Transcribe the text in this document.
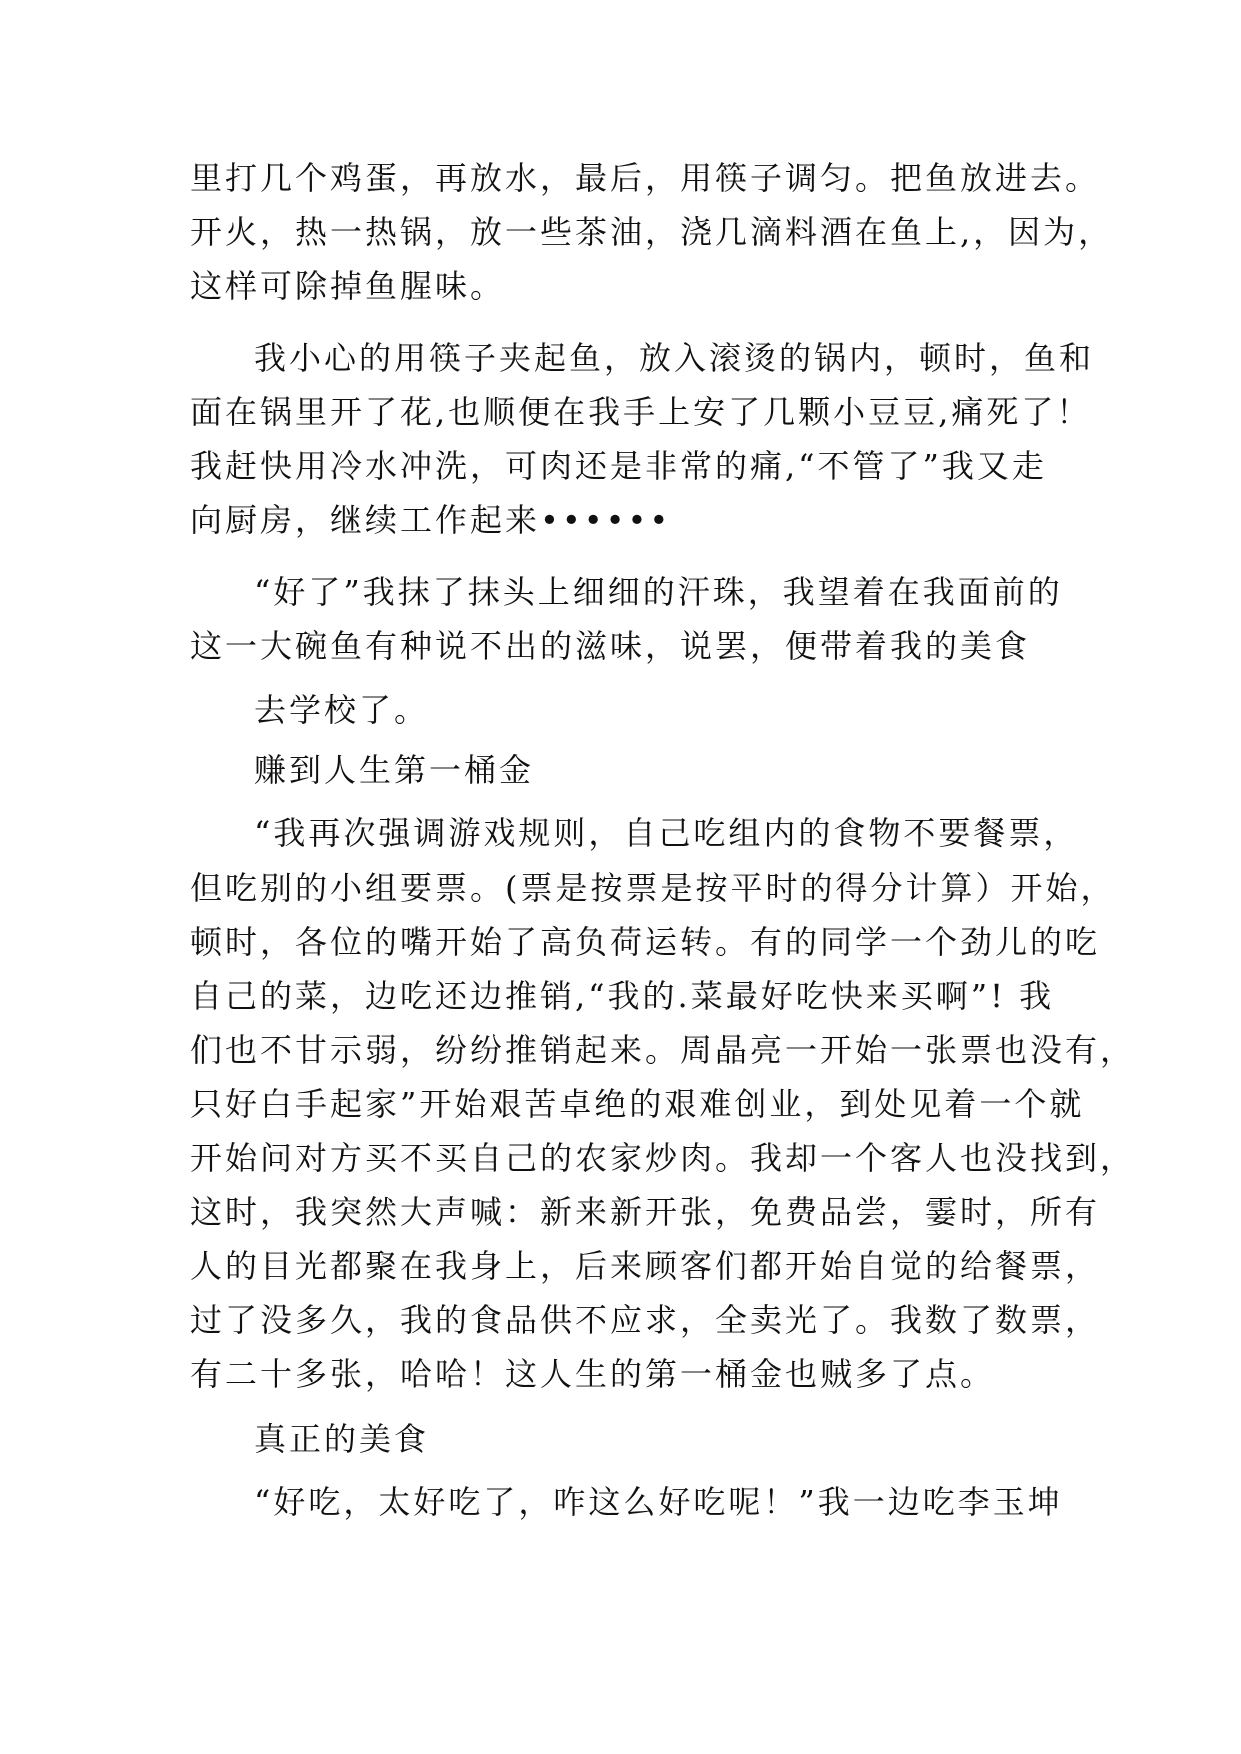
里打几个鸡蛋，再放水，最后，用筷子调匀。把鱼放进去。
开火，热一热锅，放一些茶油，浇几滴料酒在鱼上,，因为，
这样可除掉鱼腥味。
我小心的用筷子夹起鱼，放入滚烫的锅内，顿时，鱼和
面在锅里开了花,也顺便在我手上安了几颗小豆豆,痛死了！
我赶快用冷水冲洗，可肉还是非常的痛,“不管了”我又走
向厨房，继续工作起来••••••
“好了”我抹了抹头上细细的汗珠，我望着在我面前的
这一大碗鱼有种说不出的滋味，说罢，便带着我的美食
去学校了。
赚到人生第一桶金
“我再次强调游戏规则，自己吃组内的食物不要餐票，
但吃别的小组要票。(票是按票是按平时的得分计算）开始，
顿时，各位的嘴开始了高负荷运转。有的同学一个劲儿的吃
自己的菜，边吃还边推销,“我的.菜最好吃快来买啊”! 我
们也不甘示弱，纷纷推销起来。周晶亮一开始一张票也没有，
只好白手起家”开始艰苦卓绝的艰难创业，到处见着一个就
开始问对方买不买自己的农家炒肉。我却一个客人也没找到，
这时，我突然大声喊：新来新开张，免费品尝，霎时，所有
人的目光都聚在我身上，后来顾客们都开始自觉的给餐票，
过了没多久，我的食品供不应求，全卖光了。我数了数票，
有二十多张，哈哈！这人生的第一桶金也贼多了点。
真正的美食
“好吃，太好吃了，咋这么好吃呢！”我一边吃李玉坤
